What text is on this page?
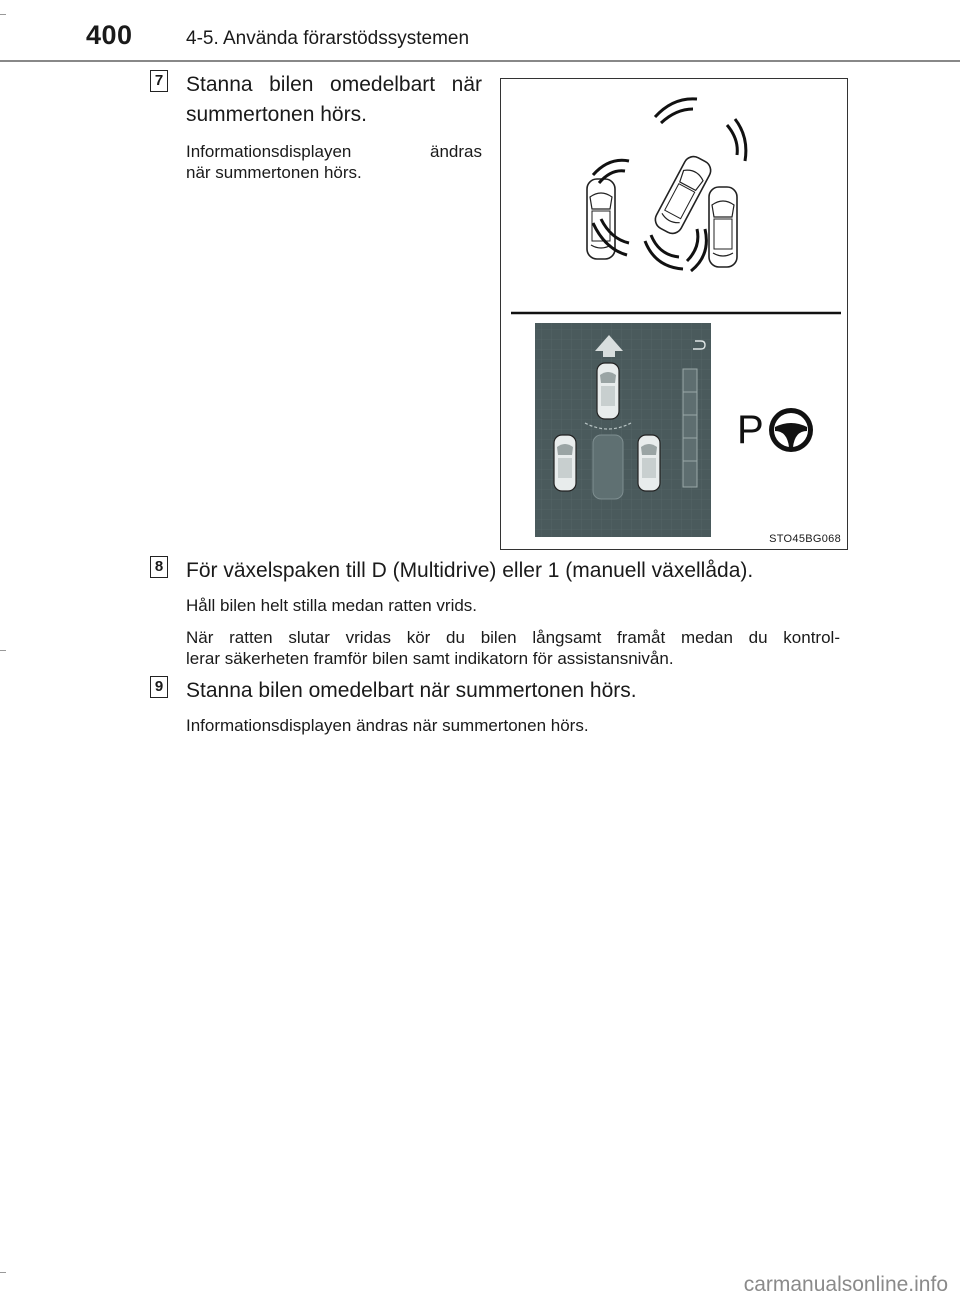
400	4-5. Använda förarstödssystemen
7 Stanna bilen omedelbart när
summertonen hörs.
Informationsdisplayen ändras
när summertonen hörs.
P
STO45BG068
8 För växelspaken till D (Multidrive) eller 1 (manuell växellåda).
Håll bilen helt stilla medan ratten vrids.
När ratten slutar vridas kör du bilen långsamt framåt medan du kontrol-
lerar säkerheten framför bilen samt indikatorn för assistansnivån.
9 Stanna bilen omedelbart när summertonen hörs.
Informationsdisplayen ändras när summertonen hörs.
carmanualsonline.info
